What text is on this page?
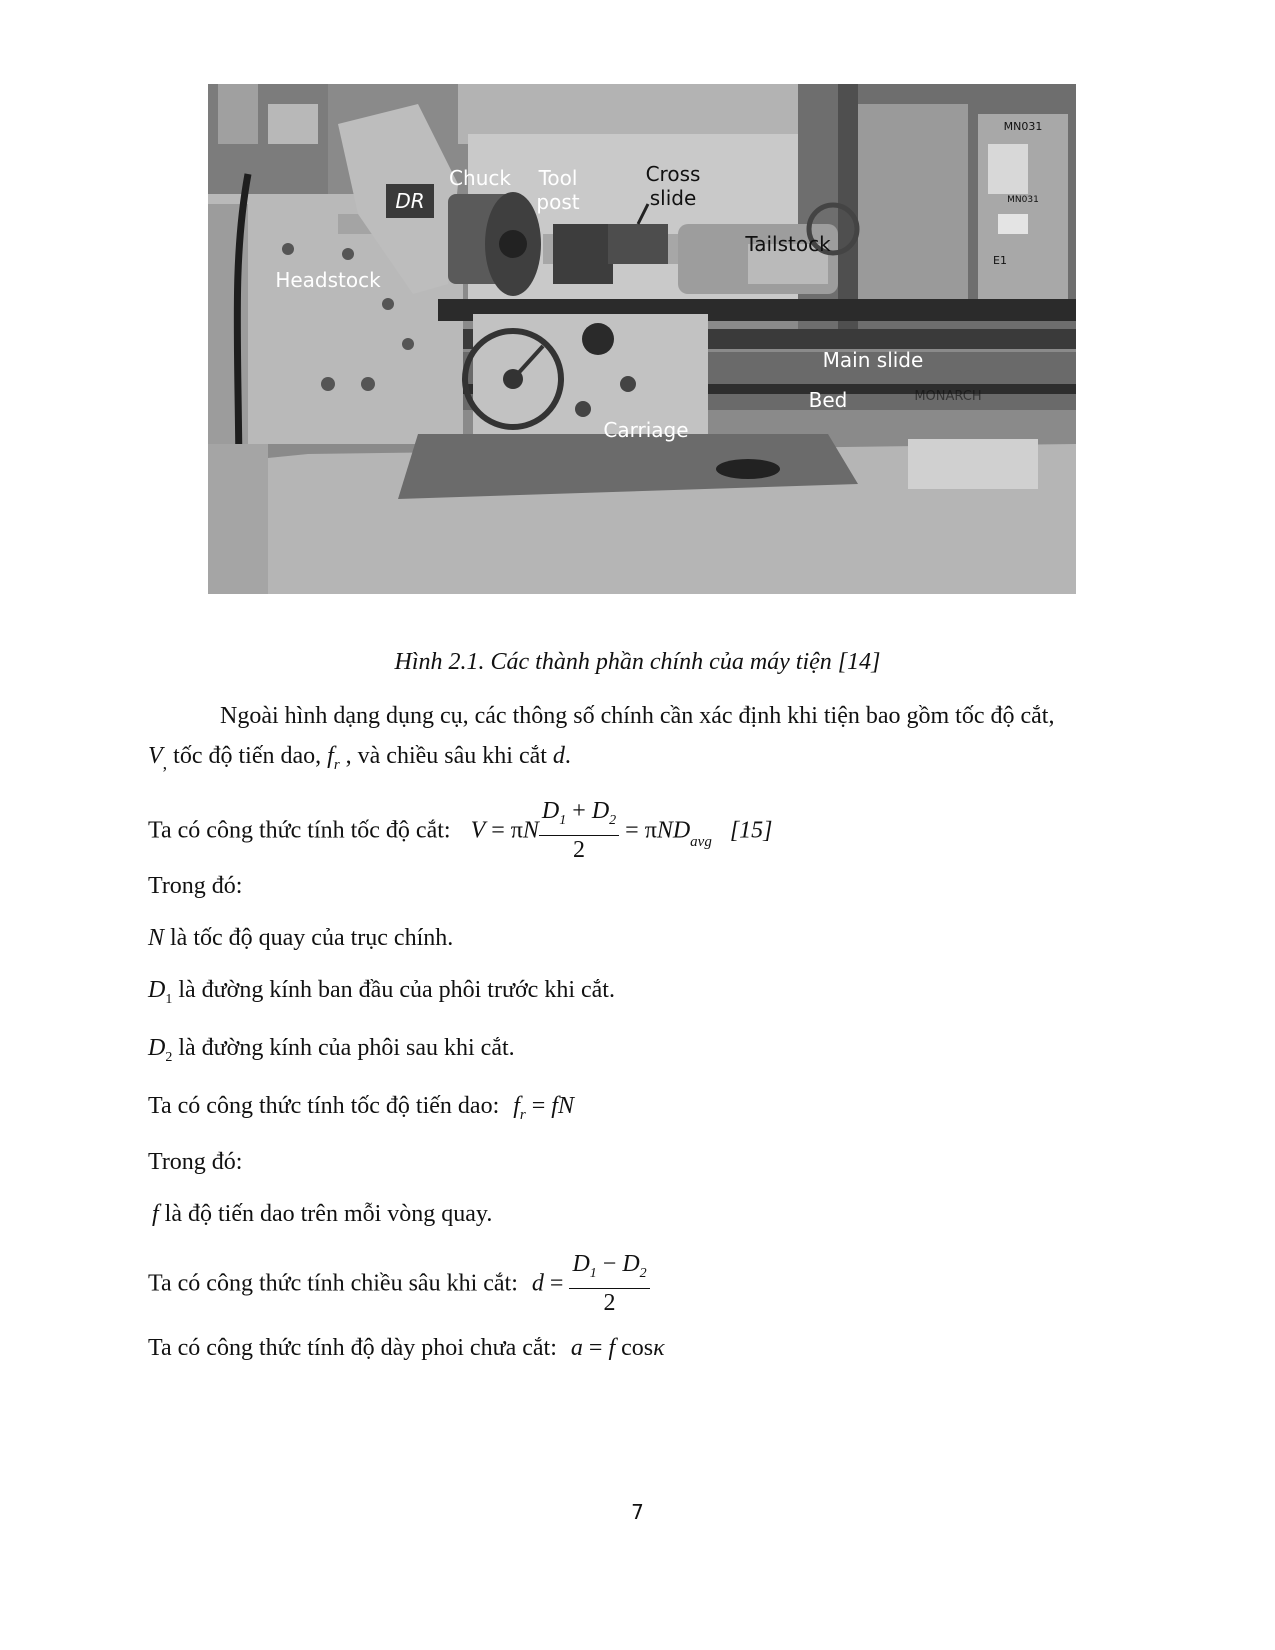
Chuck	Tool
post
Cross
slide
Tailstock
DR
Headstock
Main slide
Bed
Carriage
MN031
MN031
E1
MONARCH
Hình 2.1. Các thành phần chính của máy tiện [14]
Ngoài hình dạng dụng cụ, các thông số chính cần xác định khi tiện bao gồm tốc độ cắt,
$V_,$ tốc độ tiến dao, $f_r$ , và chiều sâu khi cắt d.
Ta có công thức tính tốc độ cắt: V = πN $\frac{D_1 + D_2}{2} = \pi ND_{avg}$ [15]
Trong đó:
N là tốc độ quay của trục chính.
$D_1$ là đường kính ban đầu của phôi trước khi cắt.
$D_2$ là đường kính của phôi sau khi cắt.
Ta có công thức tính tốc độ tiến dao: $f_r$ = fN
Trong đó:
f là độ tiến dao trên mỗi vòng quay.
Ta có công thức tính chiều sâu khi cắt: $d = \frac{D_1 - D_2}{2}$
Ta có công thức tính độ dày phoi chưa cắt: a = f cosκ
7
